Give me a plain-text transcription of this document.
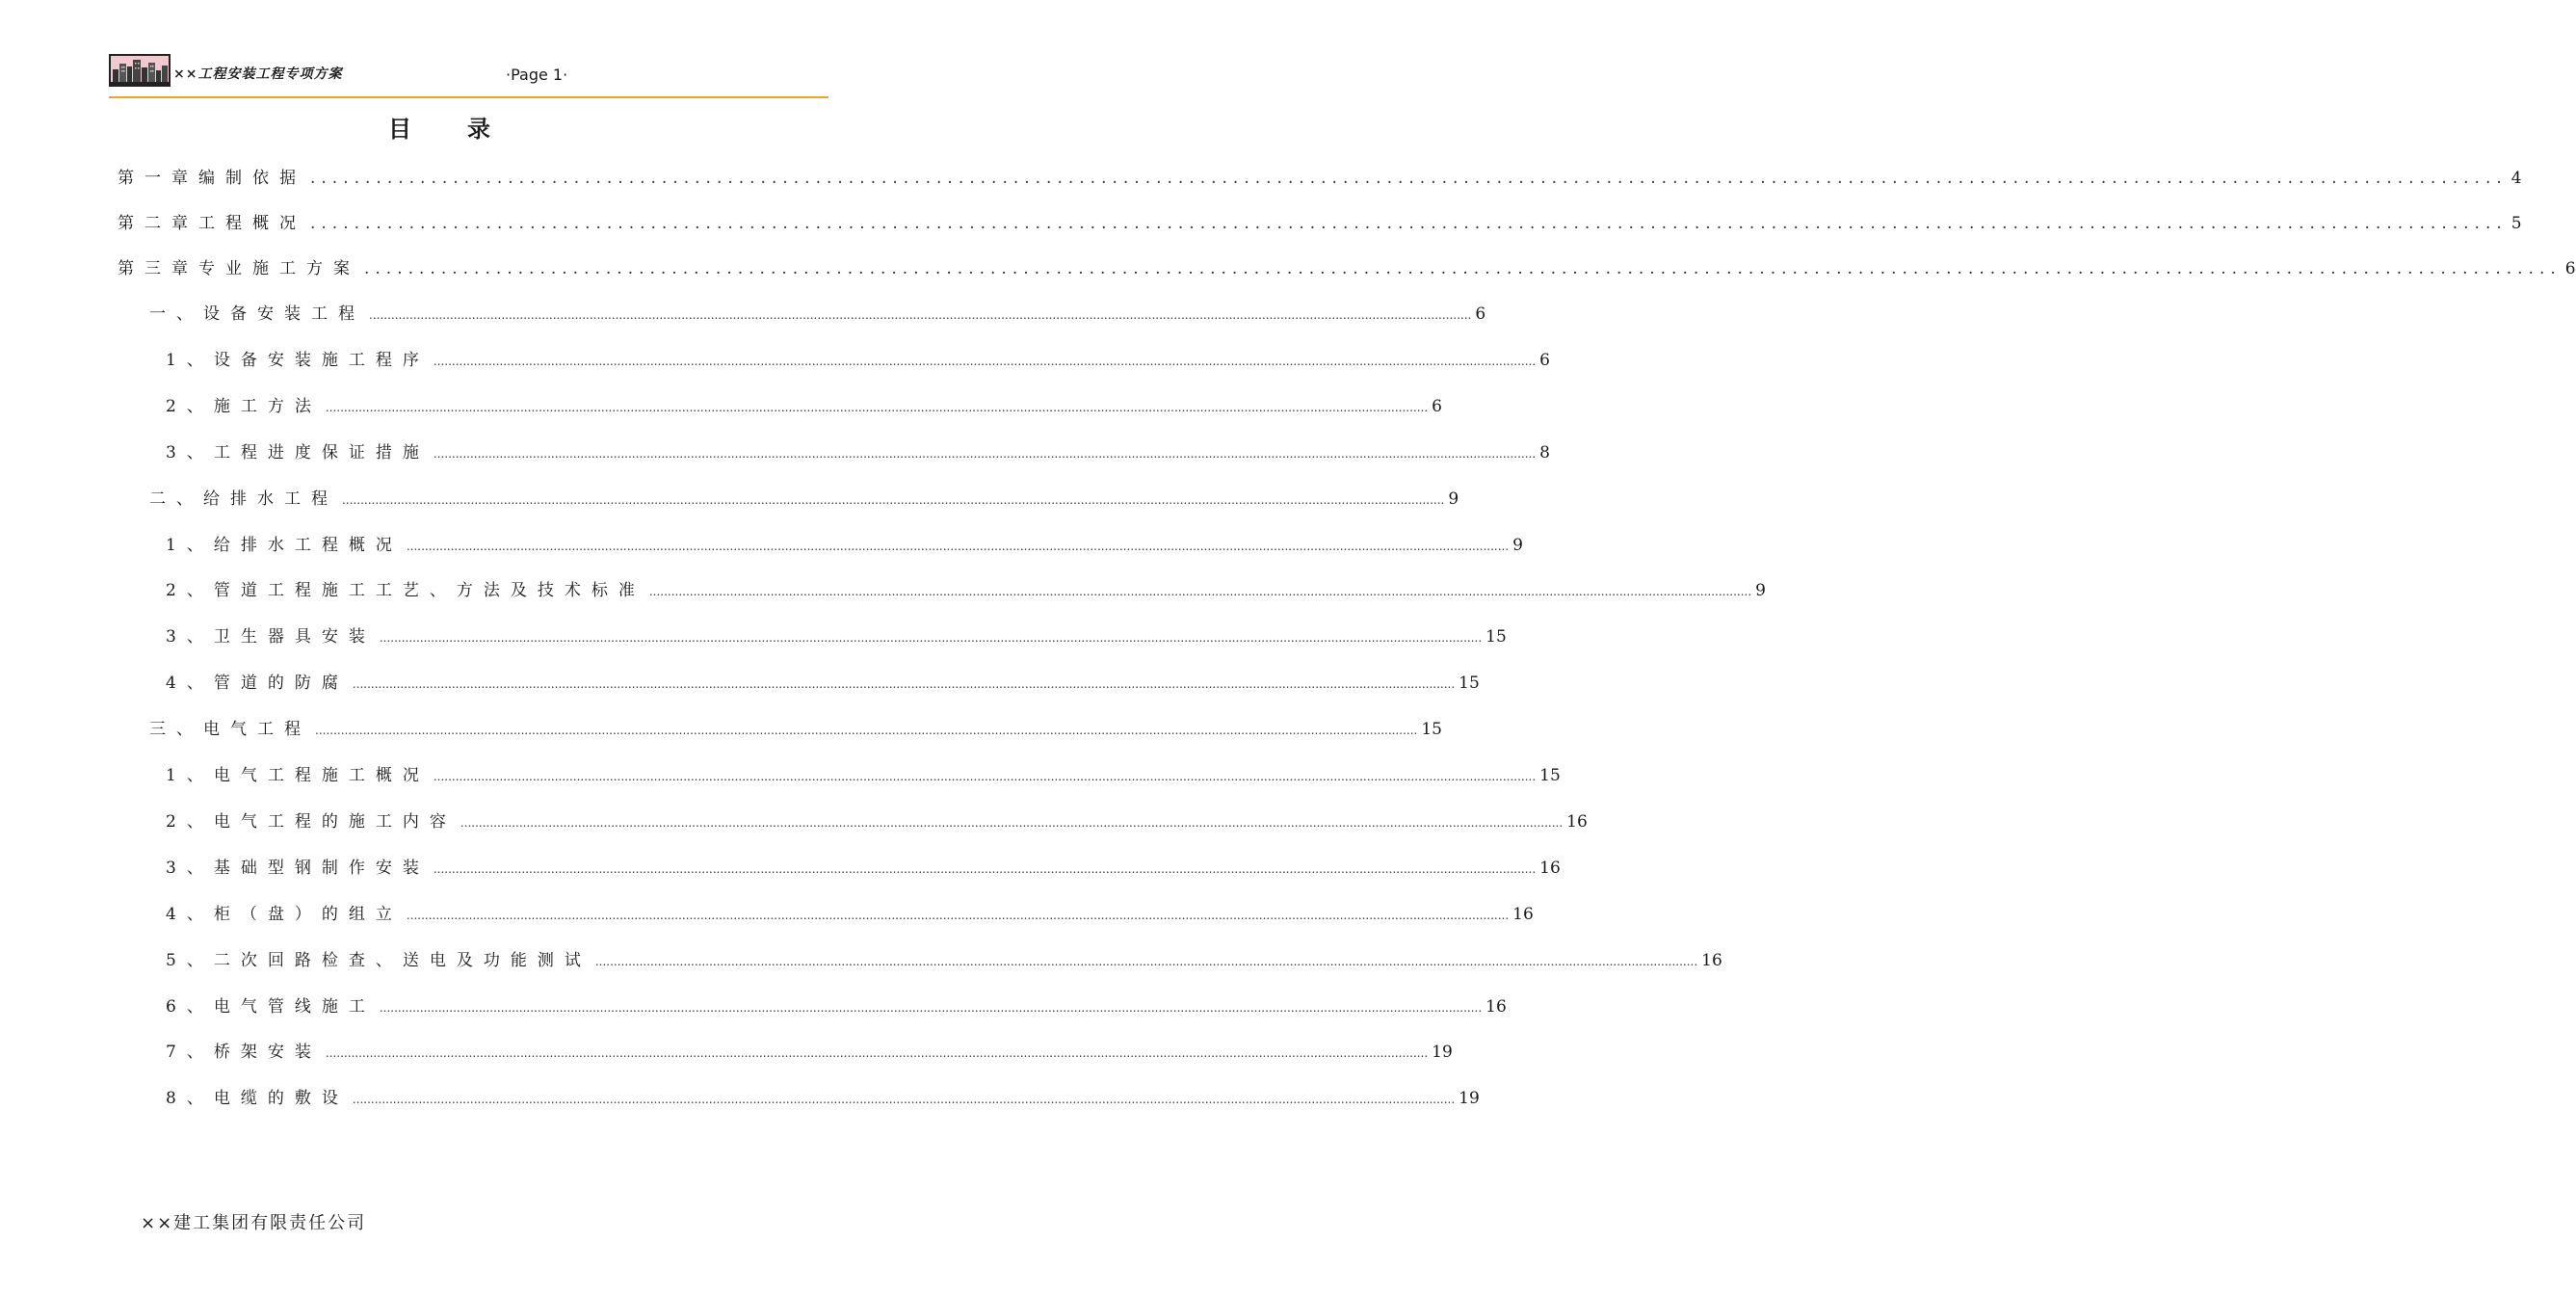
××工程安装工程专项方案	·Page 1·
目录
第一章 编制依据 ........................................................................................................................................................................................................ 4
第二章 工程概况 ........................................................................................................................................................................................................ 5
第三章 专业施工方案 ........................................................................................................................................................................................................ 6
一、 设备安装工程 ............................................................................................................................................................................................................................................................................................................ 6
1、 设备安装施工程序 ............................................................................................................................................................................................................................................................................................................ 6
2、 施工方法 ............................................................................................................................................................................................................................................................................................................ 6
3、 工程进度保证措施 ............................................................................................................................................................................................................................................................................................................ 8
二、 给排水工程 ............................................................................................................................................................................................................................................................................................................ 9
1、 给排水工程概况 ............................................................................................................................................................................................................................................................................................................ 9
2、 管道工程施工工艺、方法及技术标准 ............................................................................................................................................................................................................................................................................................................ 9
3、 卫生器具安装 ............................................................................................................................................................................................................................................................................................................ 15
4、 管道的防腐 ............................................................................................................................................................................................................................................................................................................ 15
三、 电气工程 ............................................................................................................................................................................................................................................................................................................ 15
1、 电气工程施工概况 ............................................................................................................................................................................................................................................................................................................ 15
2、 电气工程的施工内容 ............................................................................................................................................................................................................................................................................................................ 16
3、 基础型钢制作安装 ............................................................................................................................................................................................................................................................................................................ 16
4、 柜（盘）的组立 ............................................................................................................................................................................................................................................................................................................ 16
5、 二次回路检查、送电及功能测试 ............................................................................................................................................................................................................................................................................................................ 16
6、 电气管线施工 ............................................................................................................................................................................................................................................................................................................ 16
7、 桥架安装 ............................................................................................................................................................................................................................................................................................................ 19
8、 电缆的敷设 ............................................................................................................................................................................................................................................................................................................ 19
××建工集团有限责任公司
